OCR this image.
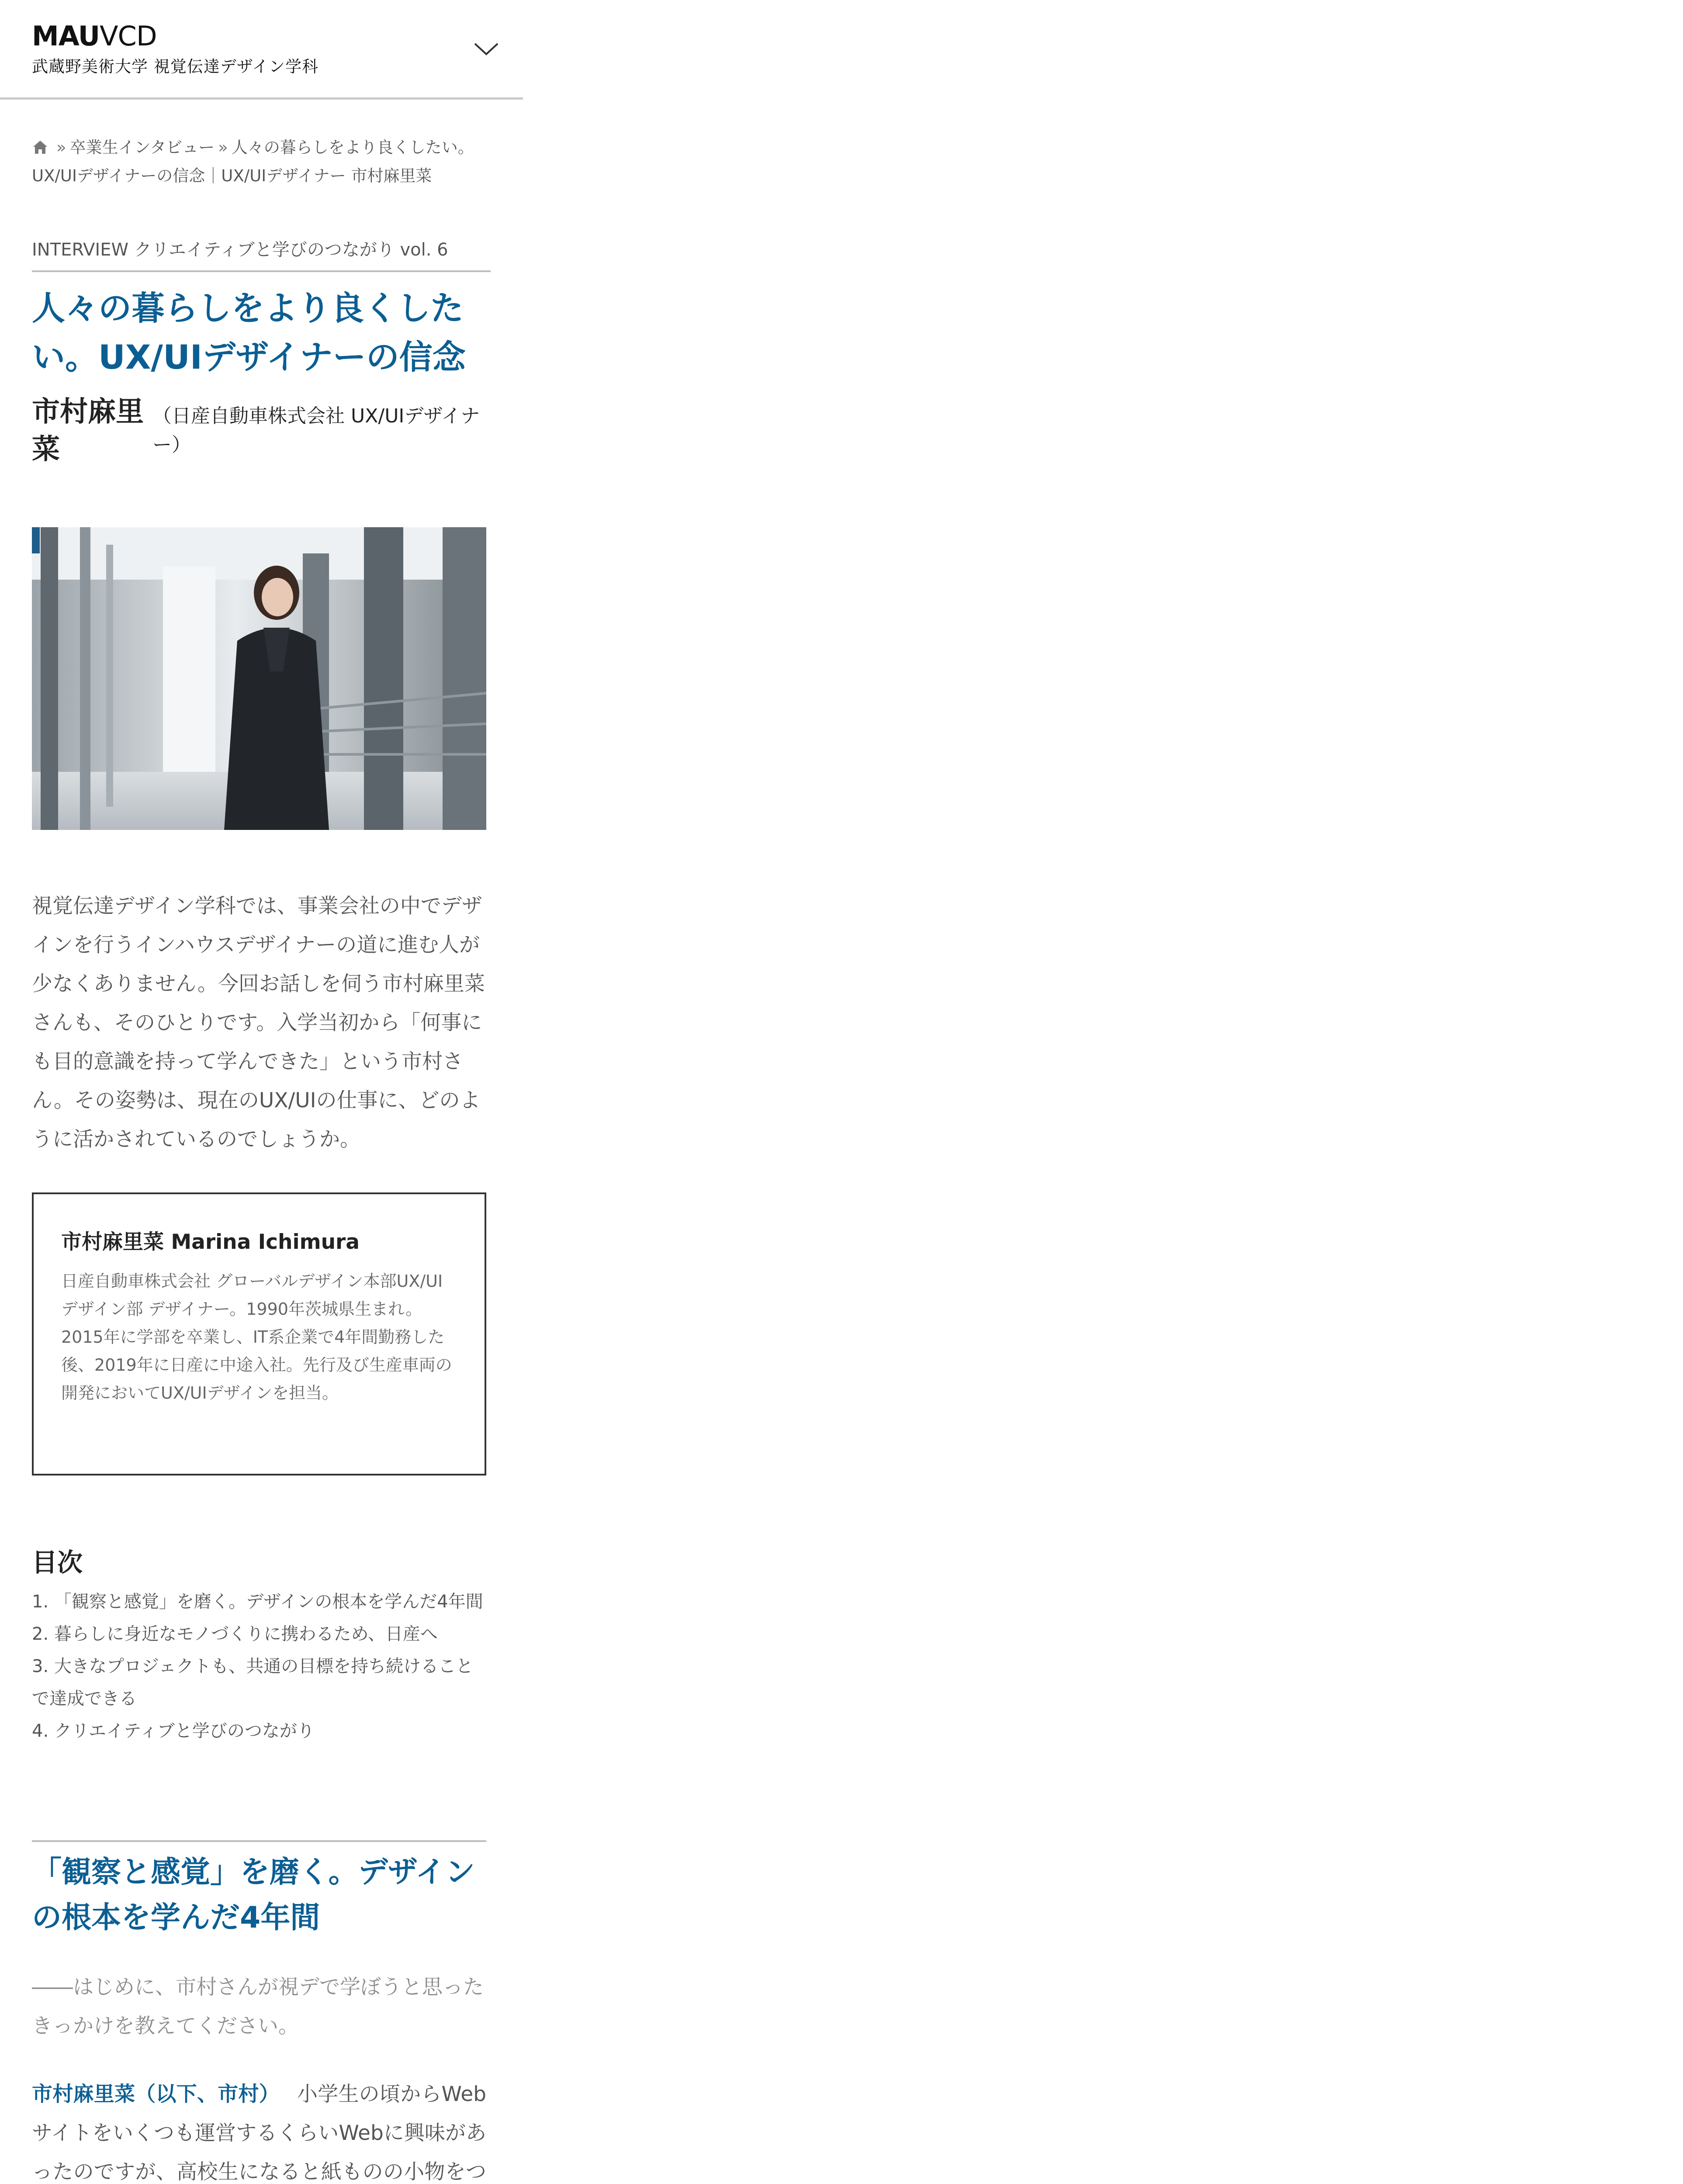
MAUVCD
武蔵野美術大学 視覚伝達デザイン学科
» 卒業生インタビュー » 人々の暮らしをより良くしたい。UX/UIデザイナーの信念｜UX/UIデザイナー 市村麻里菜
INTERVIEW クリエイティブと学びのつながり vol. 6
人々の暮らしをより良くしたい。UX/UIデザイナーの信念
市村麻里菜
（日産自動車株式会社 UX/UIデザイナー）

視覚伝達デザイン学科では、事業会社の中でデザインを行うインハウスデザイナーの道に進む人が少なくありません。今回お話しを伺う市村麻里菜さんも、そのひとりです。入学当初から「何事にも目的意識を持って学んできた」という市村さん。その姿勢は、現在のUX/UIの仕事に、どのように活かされているのでしょうか。

市村麻里菜 Marina Ichimura

日産自動車株式会社 グローバルデザイン本部UX/UIデザイン部 デザイナー。1990年茨城県生まれ。2015年に学部を卒業し、IT系企業で4年間勤務した後、2019年に日産に中途入社。先行及び生産車両の開発においてUX/UIデザインを担当。

目次
1. 「観察と感覚」を磨く。デザインの根本を学んだ4年間
2. 暮らしに身近なモノづくりに携わるため、日産へ
3. 大きなプロジェクトも、共通の目標を持ち続けることで達成できる
4. クリエイティブと学びのつながり
「観察と感覚」を磨く。デザインの根本を学んだ4年間

――はじめに、市村さんが視デで学ぼうと思ったきっかけを教えてください。

市村麻里菜（以下、市村） 小学生の頃からWebサイトをいくつも運営するくらいWebに興味があったのですが、高校生になると紙ものの小物をつ
